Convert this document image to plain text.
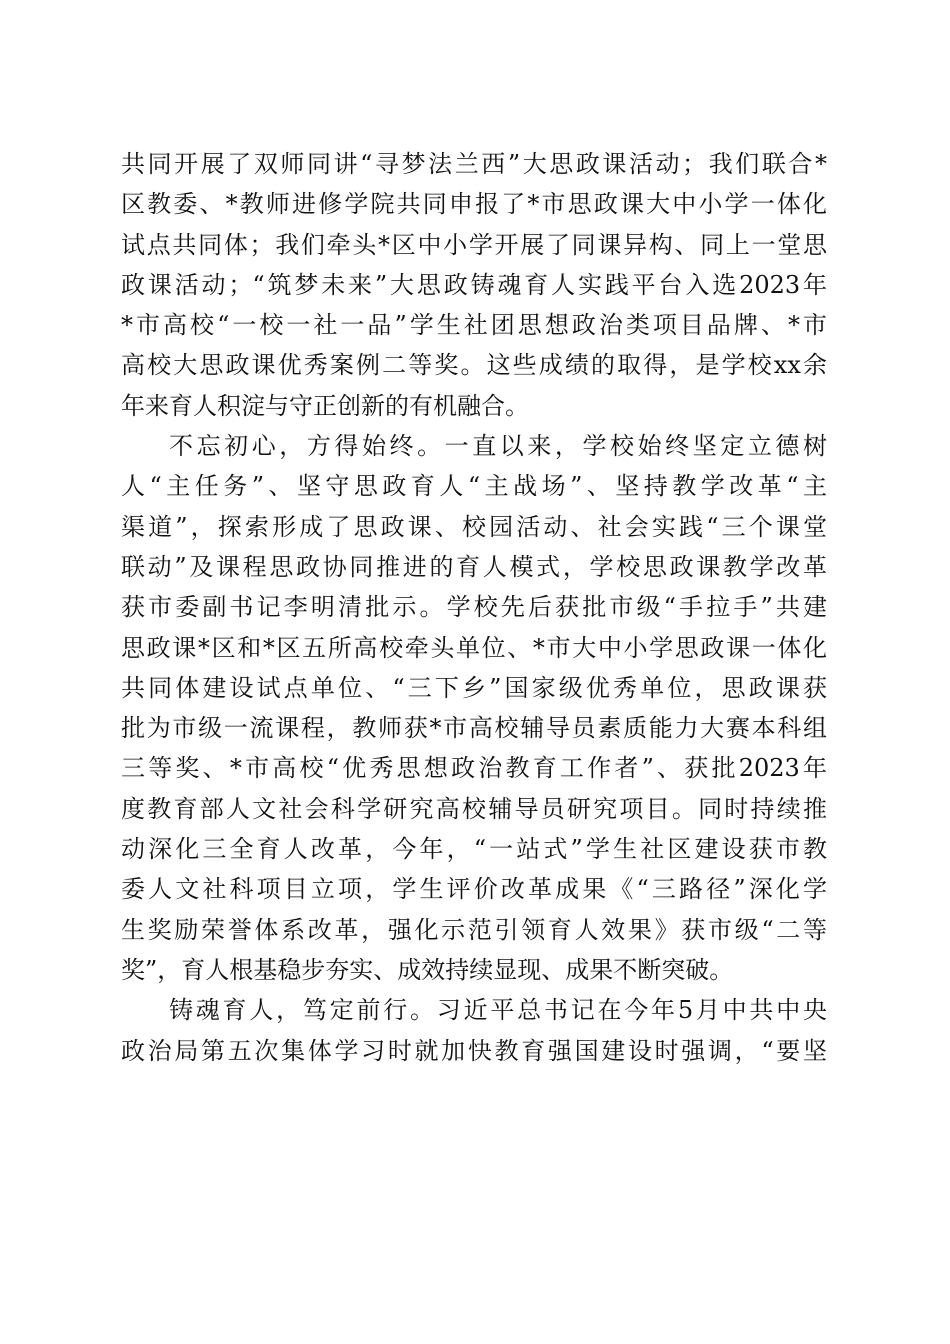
共同开展了双师同讲“寻梦法兰西”大思政课活动；我们联合*
区教委、*教师进修学院共同申报了*市思政课大中小学一体化
试点共同体；我们牵头*区中小学开展了同课异构、同上一堂思
政课活动；“筑梦未来”大思政铸魂育人实践平台入选2023年
*市高校“一校一社一品”学生社团思想政治类项目品牌、*市
高校大思政课优秀案例二等奖。这些成绩的取得，是学校xx余
年来育人积淀与守正创新的有机融合。
不忘初心，方得始终。一直以来，学校始终坚定立德树
人“主任务”、坚守思政育人“主战场”、坚持教学改革“主
渠道”，探索形成了思政课、校园活动、社会实践“三个课堂
联动”及课程思政协同推进的育人模式，学校思政课教学改革
获市委副书记李明清批示。学校先后获批市级“手拉手”共建
思政课*区和*区五所高校牵头单位、*市大中小学思政课一体化
共同体建设试点单位、“三下乡”国家级优秀单位，思政课获
批为市级一流课程，教师获*市高校辅导员素质能力大赛本科组
三等奖、*市高校“优秀思想政治教育工作者”、获批2023年
度教育部人文社会科学研究高校辅导员研究项目。同时持续推
动深化三全育人改革，今年，“一站式”学生社区建设获市教
委人文社科项目立项，学生评价改革成果《“三路径”深化学
生奖励荣誉体系改革，强化示范引领育人效果》获市级“二等
奖”，育人根基稳步夯实、成效持续显现、成果不断突破。
铸魂育人，笃定前行。习近平总书记在今年5月中共中央
政治局第五次集体学习时就加快教育强国建设时强调，“要坚
